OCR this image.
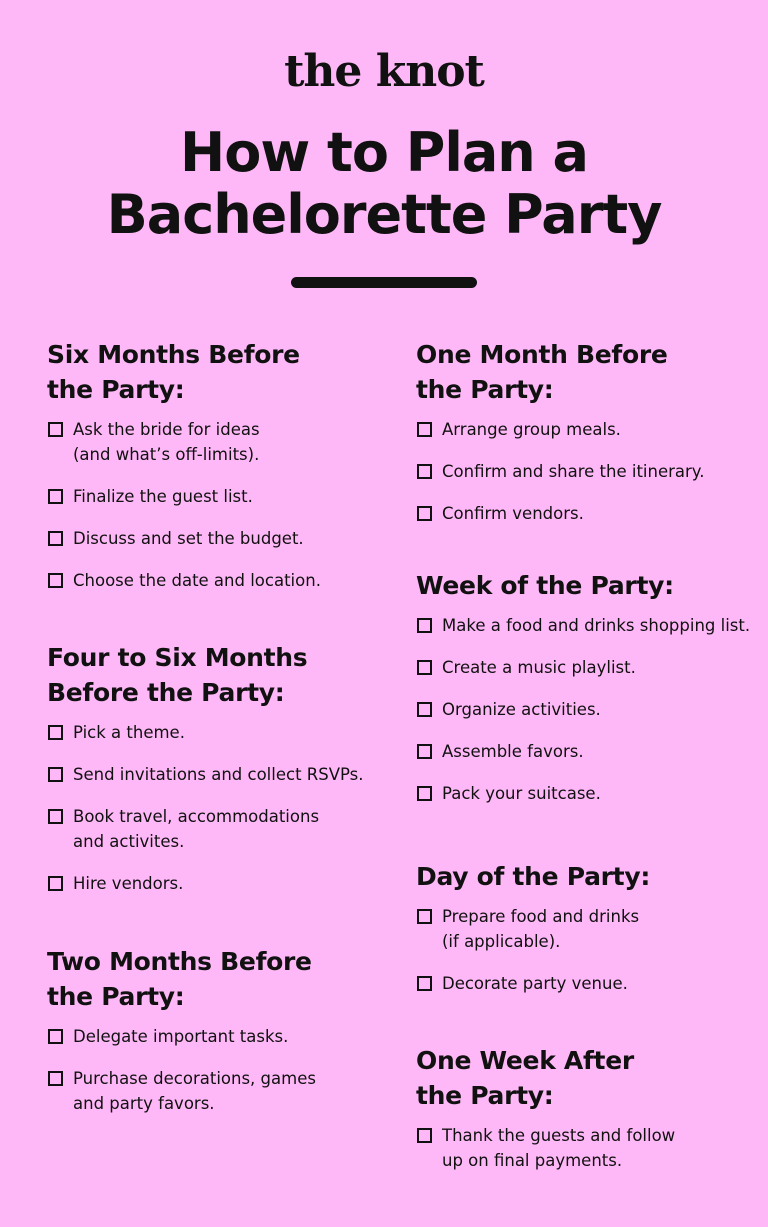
the knot
How to Plan a
Bachelorette Party
Six Months Before
the Party:
Ask the bride for ideas
(and what’s off-limits).
Finalize the guest list.
Discuss and set the budget.
Choose the date and location.
Four to Six Months
Before the Party:
Pick a theme.
Send invitations and collect RSVPs.
Book travel, accommodations
and activites.
Hire vendors.
Two Months Before
the Party:
Delegate important tasks.
Purchase decorations, games
and party favors.
One Month Before
the Party:
Arrange group meals.
Confirm and share the itinerary.
Confirm vendors.
Week of the Party:
Make a food and drinks shopping list.
Create a music playlist.
Organize activities.
Assemble favors.
Pack your suitcase.
Day of the Party:
Prepare food and drinks
(if applicable).
Decorate party venue.
One Week After
the Party:
Thank the guests and follow
up on final payments.
